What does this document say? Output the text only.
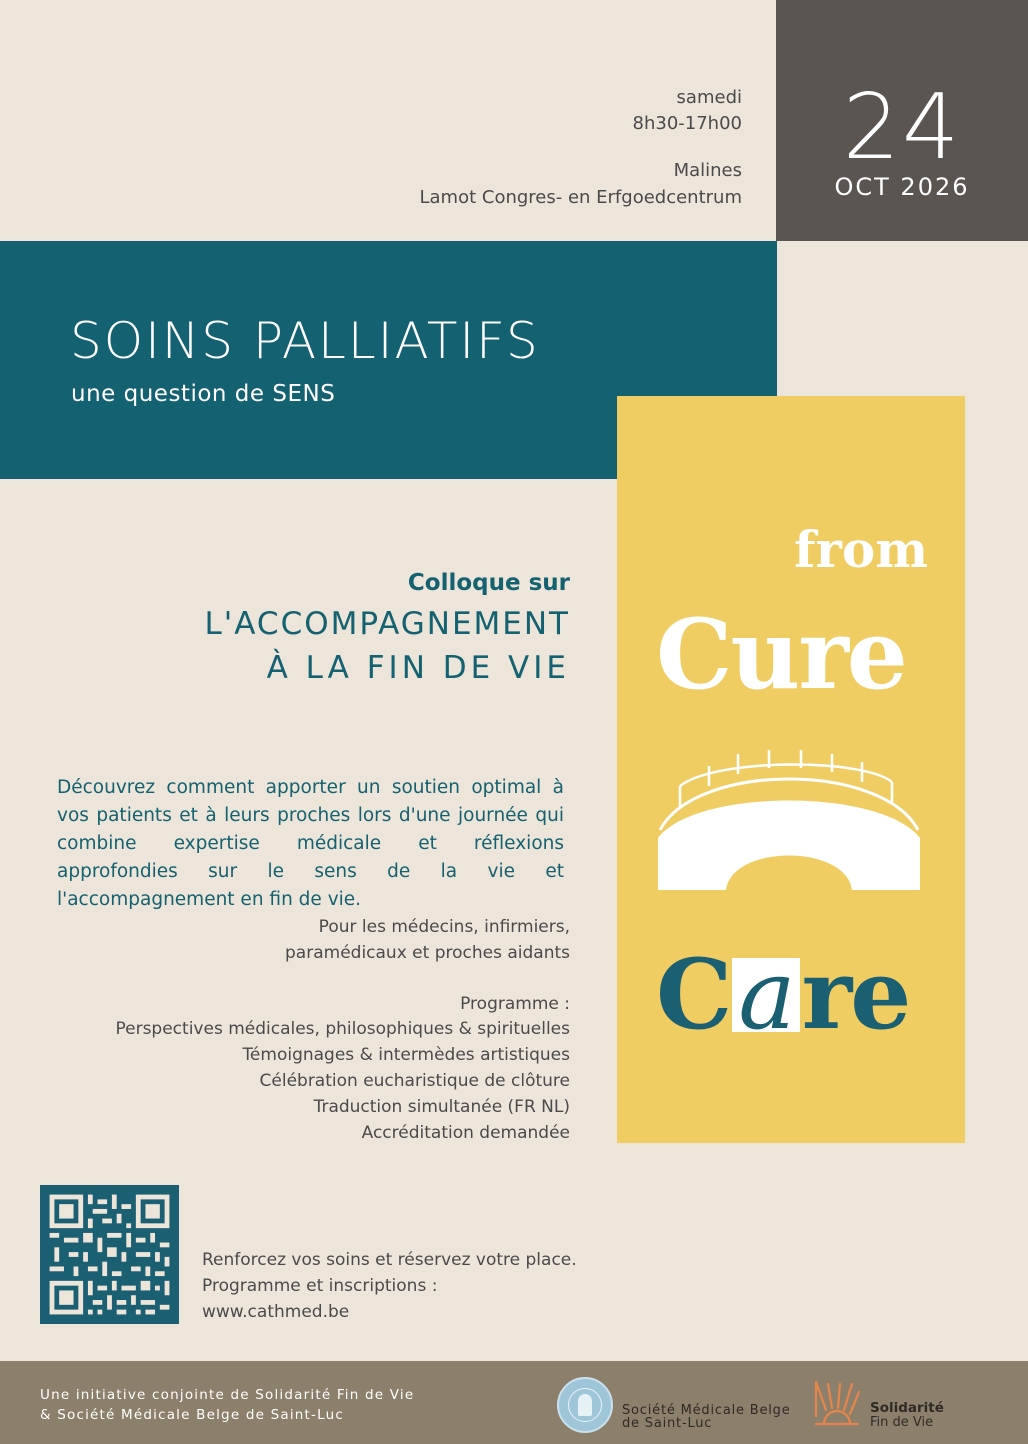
24
OCT 2026
samedi
8h30-17h00
Malines
Lamot Congres- en Erfgoedcentrum
SOINS PALLIATIFS
une question de SENS
from
Cure
to
Care
Colloque sur
L'ACCOMPAGNEMENT
À LA FIN DE VIE
Découvrez comment apporter un soutien optimal à vos patients et à leurs proches lors d'une journée qui combine expertise médicale et réflexions approfondies sur le sens de la vie et l'accompagnement en fin de vie.
Pour les médecins, infirmiers,
paramédicaux et proches aidants
Programme :
Perspectives médicales, philosophiques & spirituelles
Témoignages & intermèdes artistiques
Célébration eucharistique de clôture
Traduction simultanée (FR NL)
Accréditation demandée
Renforcez vos soins et réservez votre place.
Programme et inscriptions :
www.cathmed.be
Une initiative conjointe de Solidarité Fin de Vie
& Société Médicale Belge de Saint-Luc	Société Médicale Belge
de Saint-Luc
Solidarité
Fin de Vie
